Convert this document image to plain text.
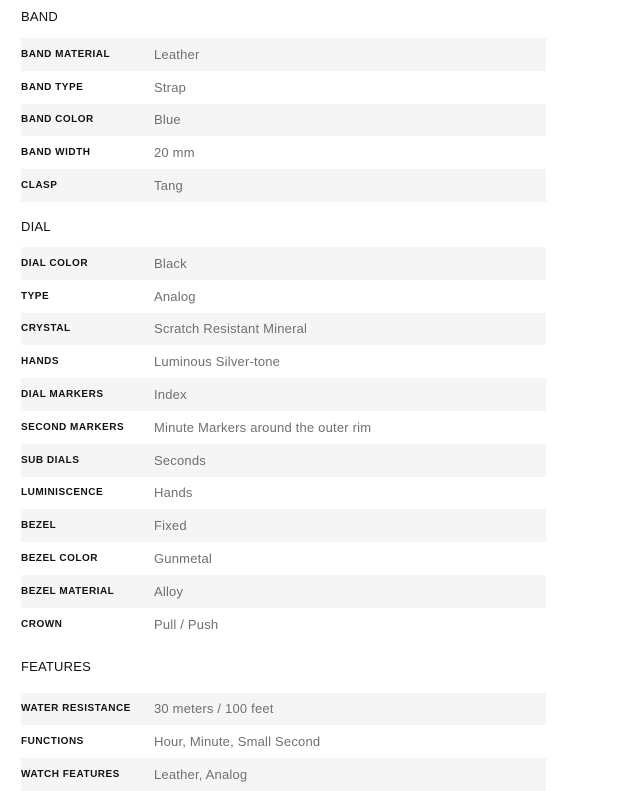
BAND
BAND MATERIAL	Leather
BAND TYPE	Strap
BAND COLOR	Blue
BAND WIDTH	20 mm
CLASP	Tang
DIAL
DIAL COLOR	Black
TYPE	Analog
CRYSTAL	Scratch Resistant Mineral
HANDS	Luminous Silver-tone
DIAL MARKERS	Index
SECOND MARKERS	Minute Markers around the outer rim
SUB DIALS	Seconds
LUMINISCENCE	Hands
BEZEL	Fixed
BEZEL COLOR	Gunmetal
BEZEL MATERIAL	Alloy
CROWN	Pull / Push
FEATURES
WATER RESISTANCE	30 meters / 100 feet
FUNCTIONS	Hour, Minute, Small Second
WATCH FEATURES	Leather, Analog
